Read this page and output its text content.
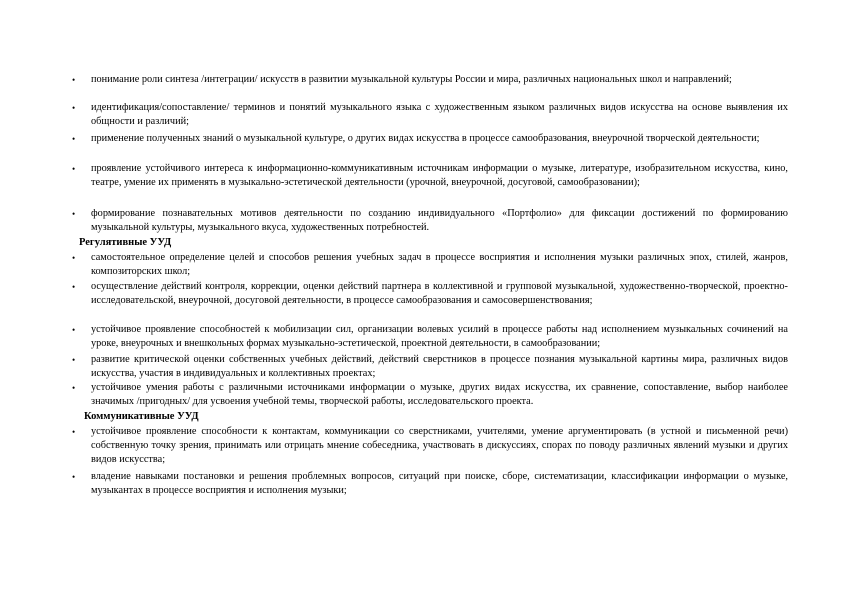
• понимание роли синтеза /интеграции/ искусств в развитии музыкальной культуры России и мира, различных национальных школ и направлений;
• идентификация/сопоставление/ терминов и понятий музыкального языка с художественным языком различных видов искусства на основе выявления их общности и различий;
• применение полученных знаний о музыкальной культуре, о других видах искусства в процессе самообразования, внеурочной творческой деятельности;
• проявление устойчивого интереса к информационно-коммуникативным источникам информации о музыке, литературе, изобразительном искусства, кино, театре, умение их применять в музыкально-эстетической деятельности (урочной, внеурочной, досуговой, самообразовании);
• формирование познавательных мотивов деятельности по созданию индивидуального «Портфолио» для фиксации достижений по формированию музыкальной культуры, музыкального вкуса, художественных потребностей.
Регулятивные УУД
• самостоятельное определение целей и способов решения учебных задач в процессе восприятия и исполнения музыки различных эпох, стилей, жанров, композиторских школ;
• осуществление действий контроля, коррекции, оценки действий партнера в коллективной и групповой музыкальной, художественно-творческой, проектно-исследовательской, внеурочной, досуговой деятельности, в процессе самообразования и самосовершенствования;
• устойчивое проявление способностей к мобилизации сил, организации волевых усилий в процессе работы над исполнением музыкальных сочинений на уроке, внеурочных и внешкольных формах музыкально-эстетической, проектной деятельности, в самообразовании;
• развитие критической оценки собственных учебных действий, действий сверстников в процессе познания музыкальной картины мира, различных видов искусства, участия в индивидуальных и коллективных проектах;
• устойчивое умения работы с различными источниками информации о музыке, других видах искусства, их сравнение, сопоставление, выбор наиболее значимых /пригодных/ для усвоения учебной темы, творческой работы, исследовательского проекта.
Коммуникативные УУД
• устойчивое проявление способности к контактам, коммуникации со сверстниками, учителями, умение аргументировать (в устной и письменной речи) собственную точку зрения, принимать или отрицать мнение собеседника, участвовать в дискуссиях, спорах по поводу различных явлений музыки и других видов искусства;
• владение навыками постановки и решения проблемных вопросов, ситуаций при поиске, сборе, систематизации, классификации информации о музыке, музыкантах в процессе восприятия и исполнения музыки;
